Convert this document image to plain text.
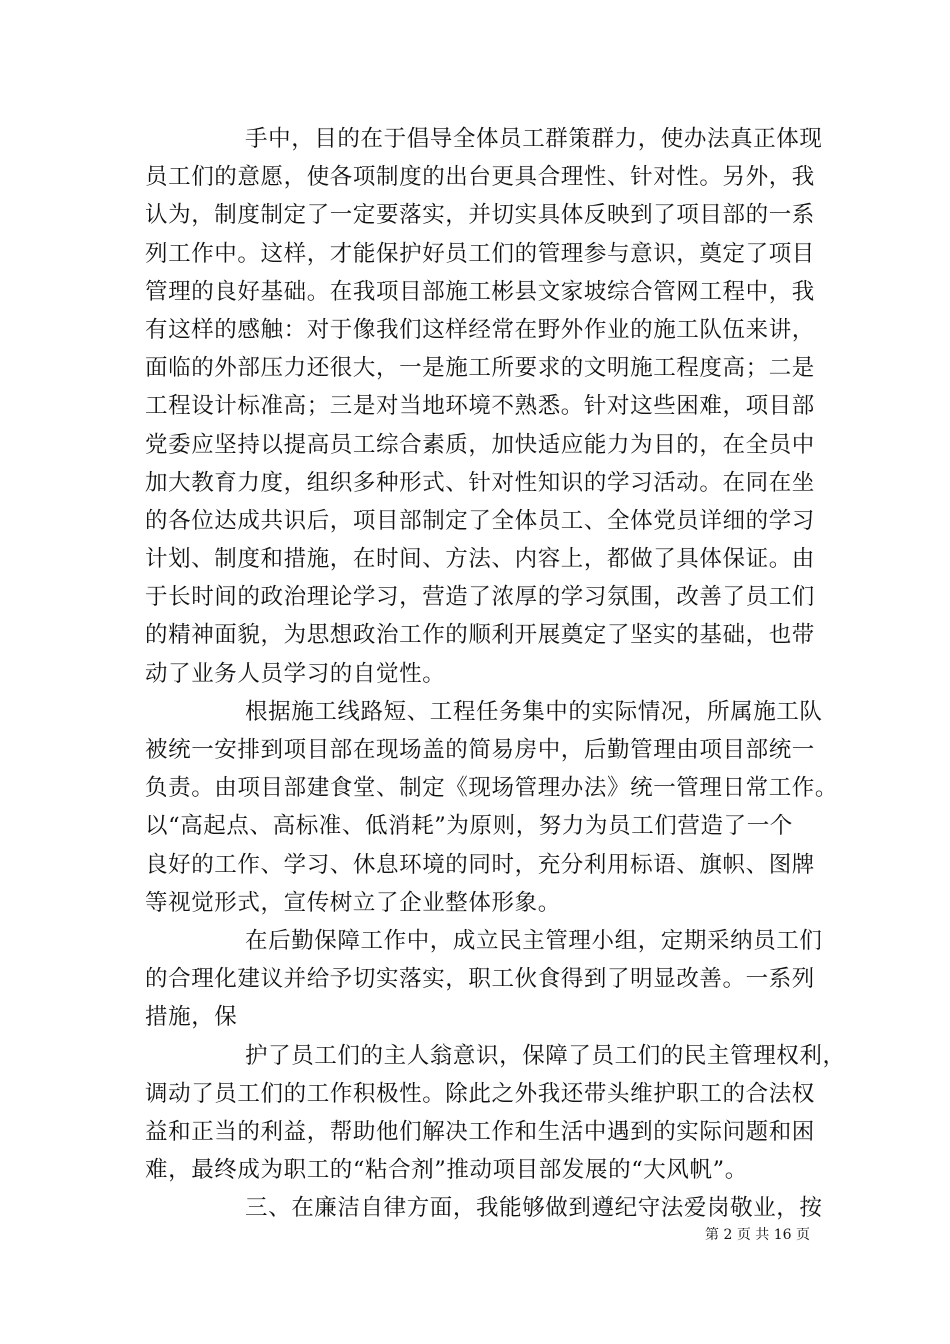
手中，目的在于倡导全体员工群策群力，使办法真正体现
员工们的意愿，使各项制度的出台更具合理性、针对性。另外，我
认为，制度制定了一定要落实，并切实具体反映到了项目部的一系
列工作中。这样，才能保护好员工们的管理参与意识，奠定了项目
管理的良好基础。在我项目部施工彬县文家坡综合管网工程中，我
有这样的感触：对于像我们这样经常在野外作业的施工队伍来讲，
面临的外部压力还很大，一是施工所要求的文明施工程度高；二是
工程设计标准高；三是对当地环境不熟悉。针对这些困难，项目部
党委应坚持以提高员工综合素质，加快适应能力为目的，在全员中
加大教育力度，组织多种形式、针对性知识的学习活动。在同在坐
的各位达成共识后，项目部制定了全体员工、全体党员详细的学习
计划、制度和措施，在时间、方法、内容上，都做了具体保证。由
于长时间的政治理论学习，营造了浓厚的学习氛围，改善了员工们
的精神面貌，为思想政治工作的顺利开展奠定了坚实的基础，也带
动了业务人员学习的自觉性。
根据施工线路短、工程任务集中的实际情况，所属施工队
被统一安排到项目部在现场盖的简易房中，后勤管理由项目部统一
负责。由项目部建食堂、制定《现场管理办法》统一管理日常工作。
以“高起点、高标准、低消耗”为原则，努力为员工们营造了一个
良好的工作、学习、休息环境的同时，充分利用标语、旗帜、图牌
等视觉形式，宣传树立了企业整体形象。
在后勤保障工作中，成立民主管理小组，定期采纳员工们
的合理化建议并给予切实落实，职工伙食得到了明显改善。一系列
措施，保
护了员工们的主人翁意识，保障了员工们的民主管理权利，
调动了员工们的工作积极性。除此之外我还带头维护职工的合法权
益和正当的利益，帮助他们解决工作和生活中遇到的实际问题和困
难，最终成为职工的“粘合剂”推动项目部发展的“大风帆”。
三、在廉洁自律方面，我能够做到遵纪守法爱岗敬业，按
第 2 页 共 16 页
